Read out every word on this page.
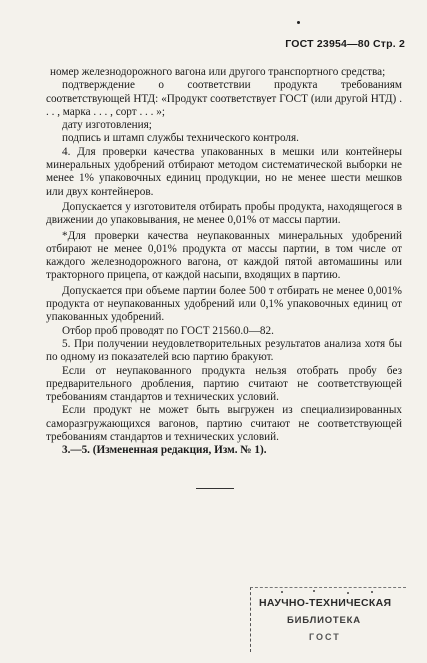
ГОСТ 23954—80 Стр. 2

номер железнодорожного вагона или другого транспортного средства;

подтверждение о соответствии продукта требованиям соответствующей НТД: «Продукт соответствует ГОСТ (или другой НТД) . . . , марка . . . , сорт . . . »;

дату изготовления;

подпись и штамп службы технического контроля.

4. Для проверки качества упакованных в мешки или контейнеры минеральных удобрений отбирают методом систематической выборки не менее 1% упаковочных единиц продукции, но не менее шести мешков или двух контейнеров.

Допускается у изготовителя отбирать пробы продукта, находящегося в движении до упаковывания, не менее 0,01% от массы партии.

*Для проверки качества неупакованных минеральных удобрений отбирают не менее 0,01% продукта от массы партии, в том числе от каждого железнодорожного вагона, от каждой пятой автомашины или тракторного прицепа, от каждой насыпи, входящих в партию.

Допускается при объеме партии более 500 т отбирать не менее 0,001% продукта от неупакованных удобрений или 0,1% упаковочных единиц от упакованных удобрений.

Отбор проб проводят по ГОСТ 21560.0—82.

5. При получении неудовлетворительных результатов анализа хотя бы по одному из показателей всю партию бракуют.

Если от неупакованного продукта нельзя отобрать пробу без предварительного дробления, партию считают не соответствующей требованиям стандартов и технических условий.

Если продукт не может быть выгружен из специализированных саморазгружающихся вагонов, партию считают не соответствующей требованиям стандартов и технических условий.

3.—5. (Измененная редакция, Изм. № 1).

НАУЧНО-ТЕХНИЧЕСКАЯ
БИБЛИОТЕКА
ГОСТ
